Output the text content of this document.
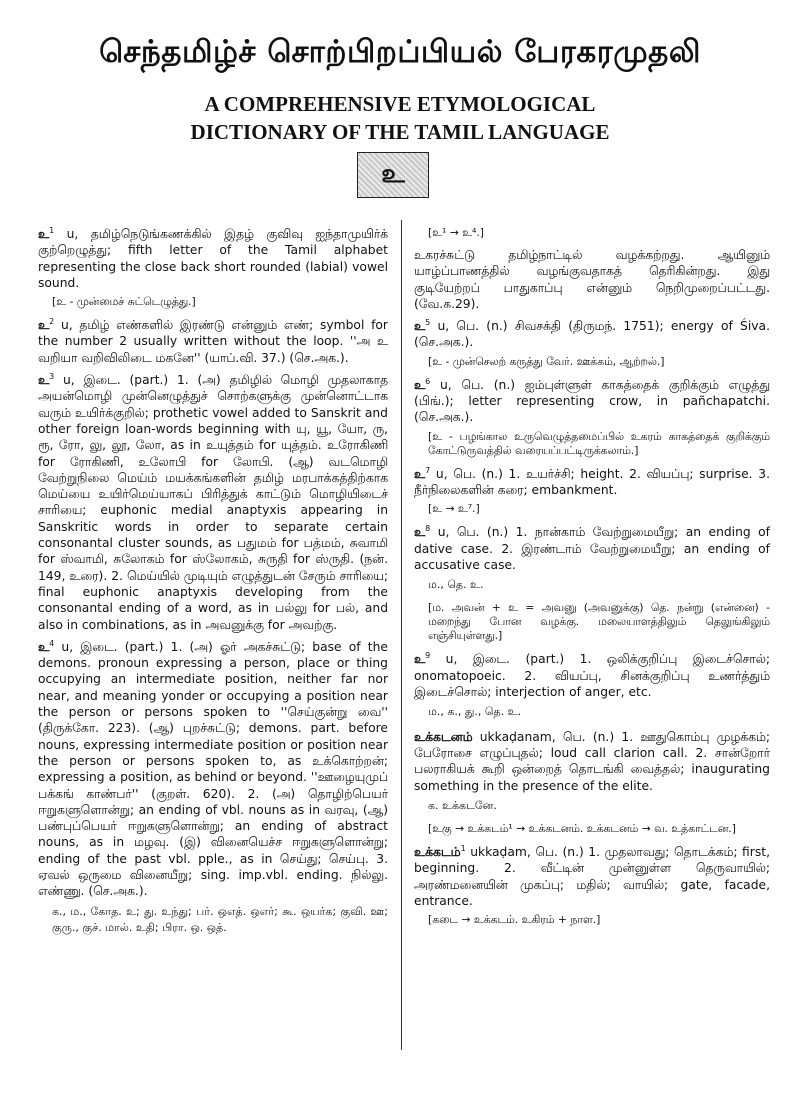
செந்தமிழ்ச் சொற்பிறப்பியல் பேரகரமுதலி
A COMPREHENSIVE ETYMOLOGICAL
DICTIONARY OF THE TAMIL LANGUAGE
உ
உ$^1$ u, தமிழ்நெடுங்கணக்கில் இதழ் குவிவு ஐந்தாமுயிர்க் குற்றெழுத்து; fifth letter of the Tamil alphabet representing the close back short rounded (labial) vowel sound.
[உ - முன்மைச் சுட்டெழுத்து.]
உ$^2$ u, தமிழ் எண்களில் இரண்டு என்னும் எண்; symbol for the number 2 usually written without the loop. ''அ உ வறியா வறிவிலிடை மகனே'' (யாப்.வி. 37.) (செ.அக.).
உ$^3$ u, இடை. (part.) 1. (அ) தமிழில் மொழி முதலாகாத அயன்மொழி முன்னெழுத்துச் சொற்களுக்கு முன்னொட்டாக வரும் உயிர்க்குறில்; prothetic vowel added to Sanskrit and other foreign loan-words beginning with யு, யூ, யோ, ரு, ரூ, ரோ, லு, லூ, லோ, as in உயுத்தம் for யுத்தம். உரோகிணி for ரோகிணி, உலோபி for லோபி. (ஆ) வடமொழி வேற்றுநிலை மெய்ம் மயக்கங்களின் தமிழ் மரபாக்கத்திற்காக மெய்யை உயிர்மெய்யாகப் பிரித்துக் காட்டும் மொழியிடைச் சாரியை; euphonic medial anaptyxis appearing in Sanskritic words in order to separate certain consonantal cluster sounds, as பதுமம் for பத்மம், சுவாமி for ஸ்வாமி, சுலோகம் for ஸ்லோகம், சுருதி for ஸ்ருதி. (நன். 149, உரை). 2. மெய்யில் முடியும் எழுத்துடன் சேரும் சாரியை; final euphonic anaptyxis developing from the consonantal ending of a word, as in பல்லு for பல், and also in combinations, as in அவனுக்கு for அவற்கு.
உ$^4$ u, இடை. (part.) 1. (அ) ஓர் அகச்சுட்டு; base of the demons. pronoun expressing a person, place or thing occupying an intermediate position, neither far nor near, and meaning yonder or occupying a position near the person or persons spoken to ''செய்குன்று வை'' (திருக்கோ. 223). (ஆ) புறச்சுட்டு; demons. part. before nouns, expressing intermediate position or position near the person or persons spoken to, as உக்கொற்றன்; expressing a position, as behind or beyond. ''ஊழையுமுப் பக்கங் காண்பர்'' (குறள். 620). 2. (அ) தொழிற்பெயர் ஈறுகளுளொன்று; an ending of vbl. nouns as in வரவு, (ஆ) பண்புப்பெயர் ஈறுகளுளொன்று; an ending of abstract nouns, as in மழவு. (இ) வினையெச்ச ஈறுகளுளொன்று; ending of the past vbl. pple., as in செய்து; செய்பு. 3. ஏவல் ஒருமை வினையீறு; sing. imp.vbl. ending. நில்லு. எண்ணு. (செ.அக.).
க., ம., கோத. உ; து. உந்து; பர். ஒஎத். ஒஎர்; கூ. ஒயர்க; குவி. ஊ; குரு., குச். மால். உதி; பிரா. ஒ. ஒத்.
[உ¹ → உ⁴.]
உகரச்சுட்டு தமிழ்நாட்டில் வழக்கற்றது. ஆயினும் யாழ்ப்பாணத்தில் வழங்குவதாகத் தெரிகின்றது. இது குடியேற்றப் பாதுகாப்பு என்னும் நெறிமுறைப்பட்டது. (வே.க.29).
உ$^5$ u, பெ. (n.) சிவசக்தி (திருமந். 1751); energy of Śiva. (செ.அக.).
[உ - முன்செலற் கருத்து வேர். ஊக்கம், ஆற்றல்.]
உ$^6$ u, பெ. (n.) ஐம்புள்ளுள் காகத்தைக் குறிக்கும் எழுத்து (பிங்.); letter representing crow, in pañchapatchi. (செ.அக.).
[உ - பழங்கால உருவெழுத்தமைப்பில் உகரம் காகத்தைக் குறிக்கும் கோட்டுருவத்தில் வரையப்பட்டிருக்கலாம்.]
உ$^7$ u, பெ. (n.) 1. உயர்ச்சி; height. 2. வியப்பு; surprise. 3. நீர்நிலைகளின் கரை; embankment.
[உ → உ⁷.]
உ$^8$ u, பெ. (n.) 1. நான்காம் வேற்றுமையீறு; an ending of dative case. 2. இரண்டாம் வேற்றுமையீறு; an ending of accusative case.
ம., தெ. உ.
[ம. அவன் + உ = அவனு (அவனுக்கு) தெ. நன்று (என்னை) - மறைந்து போன வழக்கு. மலையாளத்திலும் தெலுங்கிலும் எஞ்சியுள்ளது.]
உ$^9$ u, இடை. (part.) 1. ஒலிக்குறிப்பு இடைச்சொல்; onomatopoeic. 2. வியப்பு, சினக்குறிப்பு உணர்த்தும் இடைச்சொல்; interjection of anger, etc.
ம., க., து., தெ. உ.
உக்கடனம் ukkaḍanam, பெ. (n.) 1. ஊதுகொம்பு முழக்கம்; பேரோசை எழுப்புதல்; loud call clarion call. 2. சான்றோர் பலராகியக் கூறி ஒன்றைத் தொடங்கி வைத்தல்; inaugurating something in the presence of the elite.
க. உக்கடனே.
[உகு → உக்கடம்¹ → உக்கடனம். உக்கடனம் → வ. உத்காட்டன.]
உக்கடம்$^1$ ukkaḍam, பெ. (n.) 1. முதலாவது; தொடக்கம்; first, beginning. 2. வீட்டின் முன்னுள்ள தெருவாயில்; அரண்மனையின் முகப்பு; மதில்; வாயில்; gate, facade, entrance.
[கடை → உக்கடம். உகிரம் + நாள.]
